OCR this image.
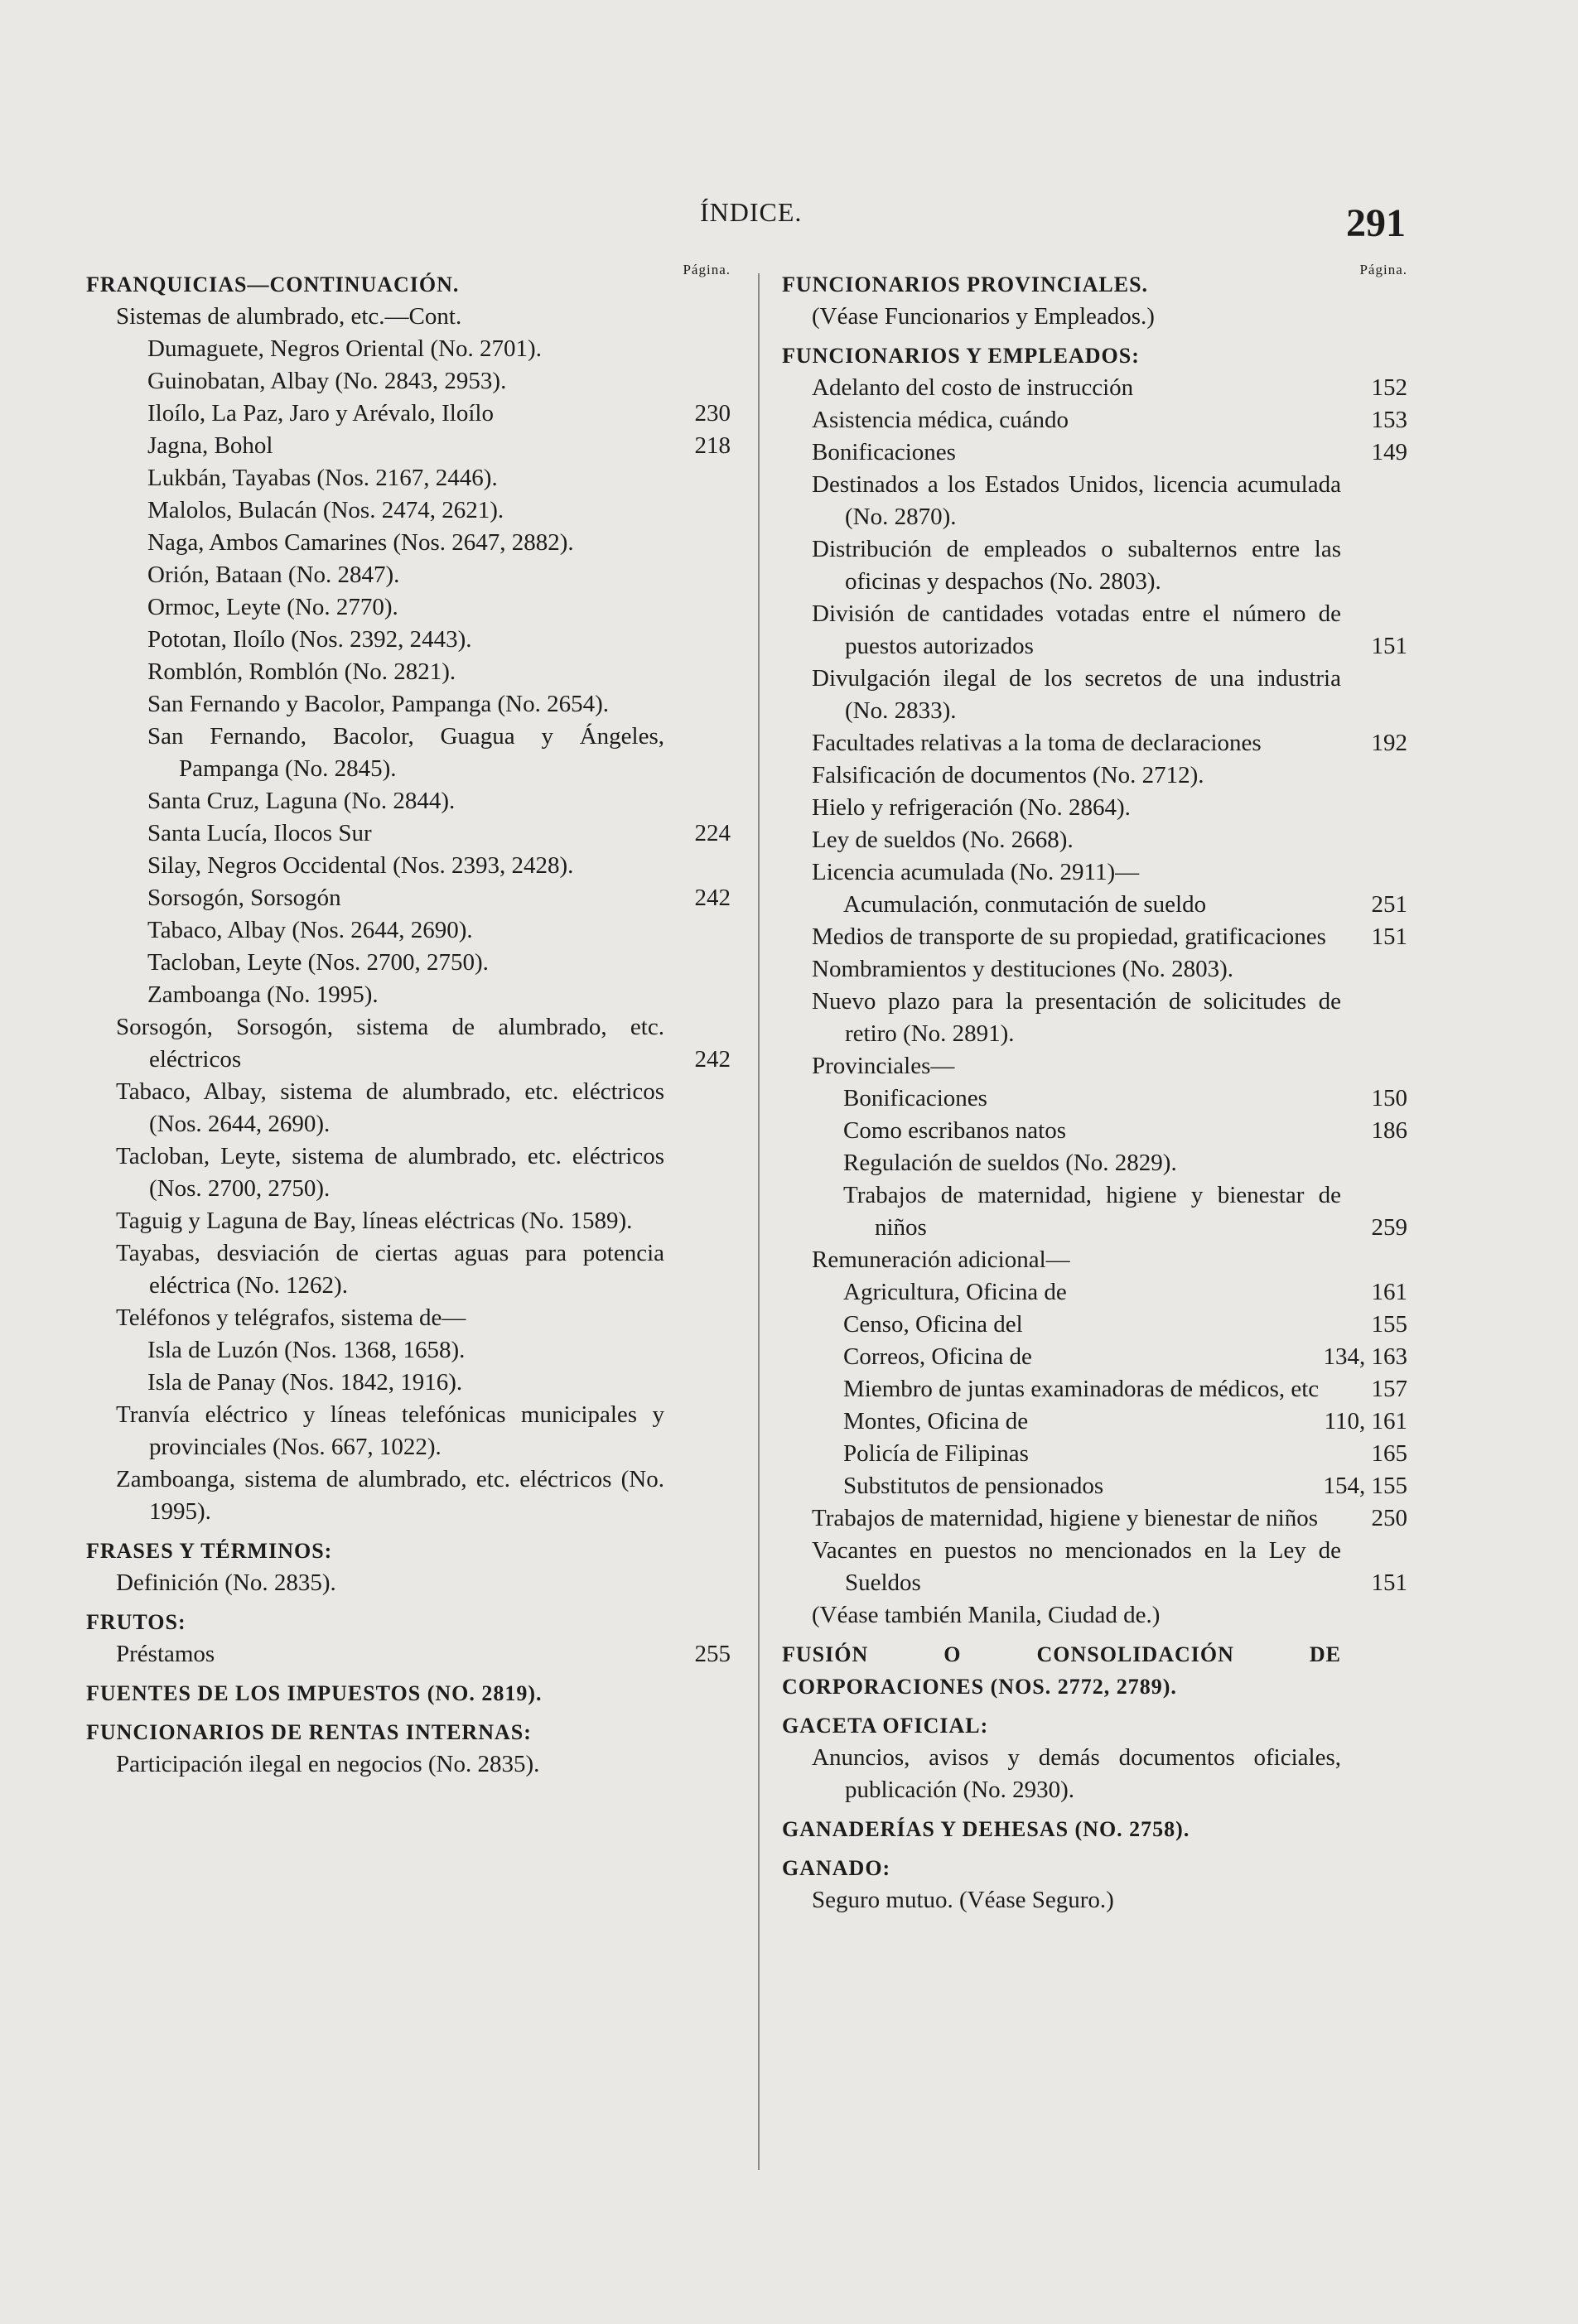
ÍNDICE.	291
Página.
FRANQUICIAS—CONTINUACIÓN.
Sistemas de alumbrado, etc.—Cont.
Dumaguete, Negros Oriental (No. 2701).
Guinobatan, Albay (No. 2843, 2953).
Iloílo, La Paz, Jaro y Arévalo, Iloílo	230
Jagna, Bohol	218
Lukbán, Tayabas (Nos. 2167, 2446).
Malolos, Bulacán (Nos. 2474, 2621).
Naga, Ambos Camarines (Nos. 2647, 2882).
Orión, Bataan (No. 2847).
Ormoc, Leyte (No. 2770).
Pototan, Iloílo (Nos. 2392, 2443).
Romblón, Romblón (No. 2821).
San Fernando y Bacolor, Pampanga (No. 2654).
San Fernando, Bacolor, Guagua y Ángeles, Pampanga (No. 2845).
Santa Cruz, Laguna (No. 2844).
Santa Lucía, Ilocos Sur	224
Silay, Negros Occidental (Nos. 2393, 2428).
Sorsogón, Sorsogón	242
Tabaco, Albay (Nos. 2644, 2690).
Tacloban, Leyte (Nos. 2700, 2750).
Zamboanga (No. 1995).
Sorsogón, Sorsogón, sistema de alumbrado, etc. eléctricos	242
Tabaco, Albay, sistema de alumbrado, etc. eléctricos (Nos. 2644, 2690).
Tacloban, Leyte, sistema de alumbrado, etc. eléctricos (Nos. 2700, 2750).
Taguig y Laguna de Bay, líneas eléctricas (No. 1589).
Tayabas, desviación de ciertas aguas para potencia eléctrica (No. 1262).
Teléfonos y telégrafos, sistema de—
Isla de Luzón (Nos. 1368, 1658).
Isla de Panay (Nos. 1842, 1916).
Tranvía eléctrico y líneas telefónicas municipales y provinciales (Nos. 667, 1022).
Zamboanga, sistema de alumbrado, etc. eléctricos (No. 1995).
FRASES Y TÉRMINOS:
Definición (No. 2835).
FRUTOS:
Préstamos	255
FUENTES DE LOS IMPUESTOS (NO. 2819).
FUNCIONARIOS DE RENTAS INTERNAS:
Participación ilegal en negocios (No. 2835).
Página.
FUNCIONARIOS PROVINCIALES.
(Véase Funcionarios y Empleados.)
FUNCIONARIOS Y EMPLEADOS:
Adelanto del costo de instrucción	152
Asistencia médica, cuándo	153
Bonificaciones	149
Destinados a los Estados Unidos, licencia acumulada (No. 2870).
Distribución de empleados o subalternos entre las oficinas y despachos (No. 2803).
División de cantidades votadas entre el número de puestos autorizados	151
Divulgación ilegal de los secretos de una industria (No. 2833).
Facultades relativas a la toma de declaraciones	192
Falsificación de documentos (No. 2712).
Hielo y refrigeración (No. 2864).
Ley de sueldos (No. 2668).
Licencia acumulada (No. 2911)—
Acumulación, conmutación de sueldo	251
Medios de transporte de su propiedad, gratificaciones 151
Nombramientos y destituciones (No. 2803).
Nuevo plazo para la presentación de solicitudes de retiro (No. 2891).
Provinciales—
Bonificaciones	150
Como escribanos natos	186
Regulación de sueldos (No. 2829).
Trabajos de maternidad, higiene y bienestar de niños	259
Remuneración adicional—
Agricultura, Oficina de	161
Censo, Oficina del	155
Correos, Oficina de	134, 163
Miembro de juntas examinadoras de médicos, etc 157
Montes, Oficina de	110, 161
Policía de Filipinas	165
Substitutos de pensionados	154, 155
Trabajos de maternidad, higiene y bienestar de niños 250
Vacantes en puestos no mencionados en la Ley de Sueldos	151
(Véase también Manila, Ciudad de.)
FUSIÓN O CONSOLIDACIÓN DE CORPORACIONES (NOS. 2772, 2789).
GACETA OFICIAL:
Anuncios, avisos y demás documentos oficiales, publicación (No. 2930).
GANADERÍAS Y DEHESAS (NO. 2758).
GANADO:
Seguro mutuo. (Véase Seguro.)
